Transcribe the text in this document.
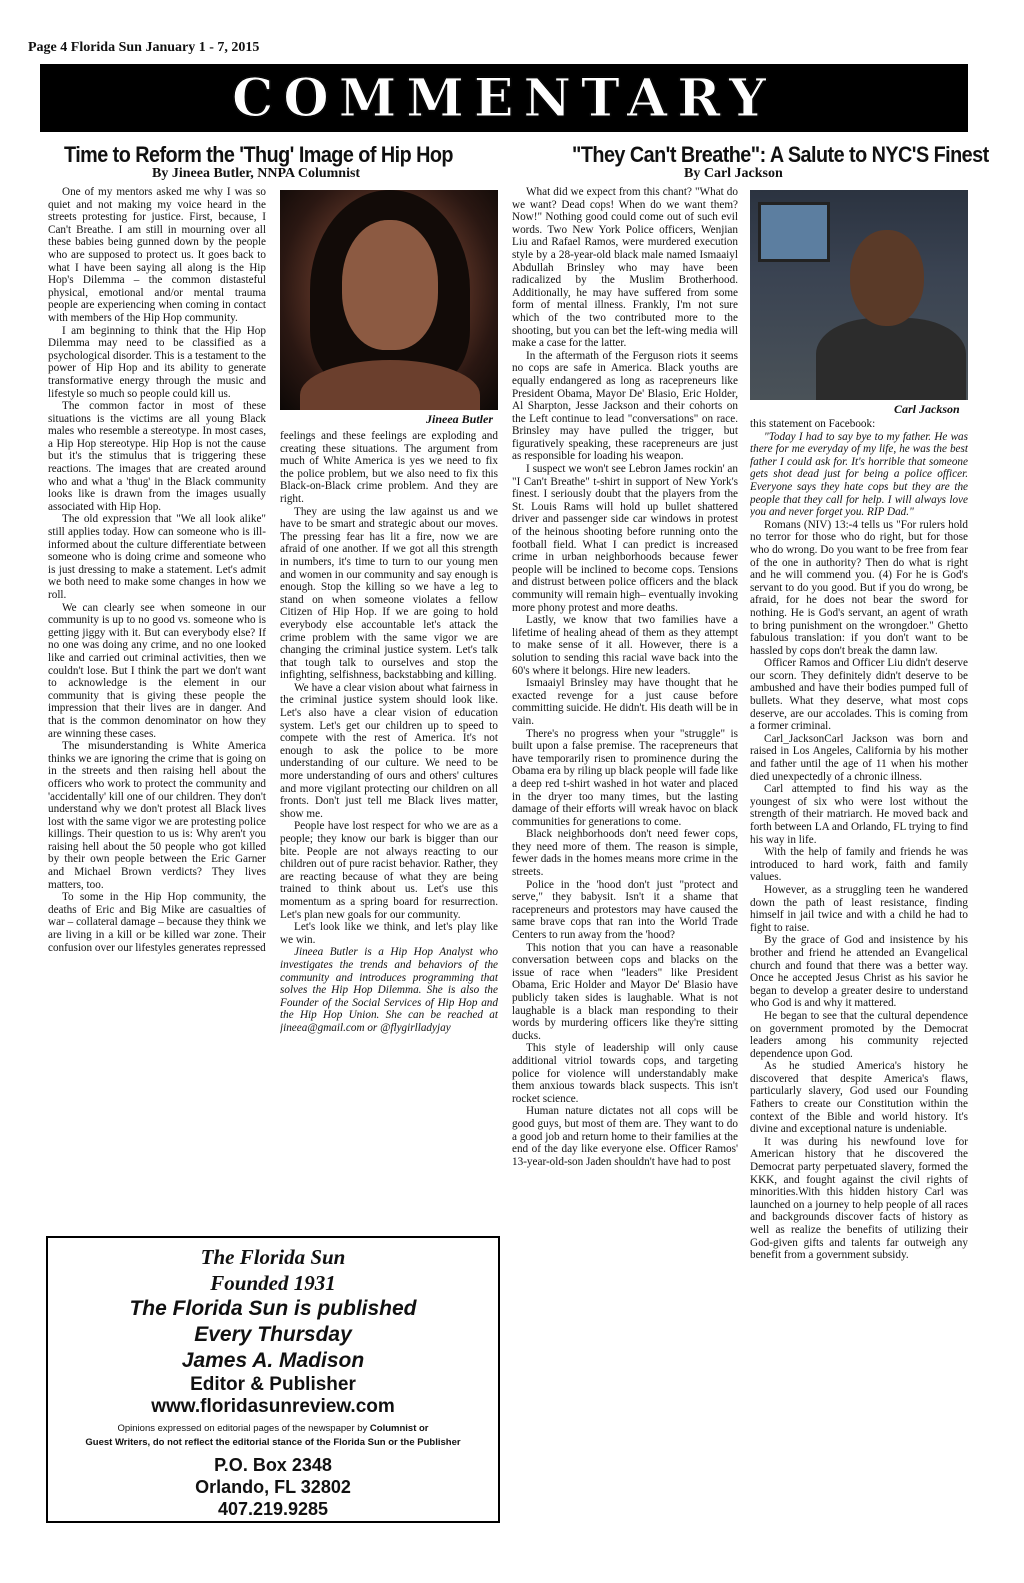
Page 4 Florida Sun January 1 - 7, 2015
COMMENTARY
Time to Reform the 'Thug' Image of Hip Hop
By Jineea Butler, NNPA Columnist

One of my mentors asked me why I was so quiet and not making my voice heard in the streets protesting for justice. First, because, I Can't Breathe. I am still in mourning over all these babies being gunned down by the people who are supposed to protect us. It goes back to what I have been saying all along is the Hip Hop's Dilemma – the common distasteful physical, emotional and/or mental trauma people are experiencing when coming in contact with members of the Hip Hop community.

I am beginning to think that the Hip Hop Dilemma may need to be classified as a psychological disorder. This is a testament to the power of Hip Hop and its ability to generate transformative energy through the music and lifestyle so much so people could kill us.

The common factor in most of these situations is the victims are all young Black males who resemble a stereotype. In most cases, a Hip Hop stereotype. Hip Hop is not the cause but it's the stimulus that is triggering these reactions. The images that are created around who and what a 'thug' in the Black community looks like is drawn from the images usually associated with Hip Hop.

The old expression that "We all look alike" still applies today. How can someone who is ill- informed about the culture differentiate between someone who is doing crime and someone who is just dressing to make a statement. Let's admit we both need to make some changes in how we roll.

We can clearly see when someone in our community is up to no good vs. someone who is getting jiggy with it. But can everybody else? If no one was doing any crime, and no one looked like and carried out criminal activities, then we couldn't lose. But I think the part we don't want to acknowledge is the element in our community that is giving these people the impression that their lives are in danger. And that is the common denominator on how they are winning these cases.

The misunderstanding is White America thinks we are ignoring the crime that is going on in the streets and then raising hell about the officers who work to protect the community and 'accidentally' kill one of our children. They don't understand why we don't protest all Black lives lost with the same vigor we are protesting police killings. Their question to us is: Why aren't you raising hell about the 50 people who got killed by their own people between the Eric Garner and Michael Brown verdicts? They lives matters, too.

To some in the Hip Hop community, the deaths of Eric and Big Mike are casualties of war – collateral damage – because they think we are living in a kill or be killed war zone. Their confusion over our lifestyles generates repressed

Jineea Butler

feelings and these feelings are exploding and creating these situations. The argument from much of White America is yes we need to fix the police problem, but we also need to fix this Black-on-Black crime problem. And they are right.

They are using the law against us and we have to be smart and strategic about our moves. The pressing fear has lit a fire, now we are afraid of one another. If we got all this strength in numbers, it's time to turn to our young men and women in our community and say enough is enough. Stop the killing so we have a leg to stand on when someone violates a fellow Citizen of Hip Hop. If we are going to hold everybody else accountable let's attack the crime problem with the same vigor we are changing the criminal justice system. Let's talk that tough talk to ourselves and stop the infighting, selfishness, backstabbing and killing.

We have a clear vision about what fairness in the criminal justice system should look like. Let's also have a clear vision of education system. Let's get our children up to speed to compete with the rest of America. It's not enough to ask the police to be more understanding of our culture. We need to be more understanding of ours and others' cultures and more vigilant protecting our children on all fronts. Don't just tell me Black lives matter, show me.

People have lost respect for who we are as a people; they know our bark is bigger than our bite. People are not always reacting to our children out of pure racist behavior. Rather, they are reacting because of what they are being trained to think about us. Let's use this momentum as a spring board for resurrection. Let's plan new goals for our community.

Let's look like we think, and let's play like we win.

Jineea Butler is a Hip Hop Analyst who investigates the trends and behaviors of the community and introduces programming that solves the Hip Hop Dilemma. She is also the Founder of the Social Services of Hip Hop and the Hip Hop Union. She can be reached at jineea@gmail.com or @flygirlladyjay

The Florida Sun
Founded 1931
The Florida Sun is published
Every Thursday
James A. Madison
Editor & Publisher
www.floridasunreview.com
Opinions expressed on editorial pages of the newspaper by Columnist or
Guest Writers, do not reflect the editorial stance of the Florida Sun or the Publisher
P.O. Box 2348
Orlando, FL 32802
407.219.9285
"They Can't Breathe": A Salute to NYC'S Finest
By Carl Jackson

What did we expect from this chant? "What do we want? Dead cops! When do we want them? Now!" Nothing good could come out of such evil words. Two New York Police officers, Wenjian Liu and Rafael Ramos, were murdered execution style by a 28-year-old black male named Ismaaiyl Abdullah Brinsley who may have been radicalized by the Muslim Brotherhood. Additionally, he may have suffered from some form of mental illness. Frankly, I'm not sure which of the two contributed more to the shooting, but you can bet the left-wing media will make a case for the latter.

In the aftermath of the Ferguson riots it seems no cops are safe in America. Black youths are equally endangered as long as racepreneurs like President Obama, Mayor De' Blasio, Eric Holder, Al Sharpton, Jesse Jackson and their cohorts on the Left continue to lead "conversations" on race. Brinsley may have pulled the trigger, but figuratively speaking, these racepreneurs are just as responsible for loading his weapon.

I suspect we won't see Lebron James rockin' an "I Can't Breathe" t-shirt in support of New York's finest. I seriously doubt that the players from the St. Louis Rams will hold up bullet shattered driver and passenger side car windows in protest of the heinous shooting before running onto the football field. What I can predict is increased crime in urban neighborhoods because fewer people will be inclined to become cops. Tensions and distrust between police officers and the black community will remain high– eventually invoking more phony protest and more deaths.

Lastly, we know that two families have a lifetime of healing ahead of them as they attempt to make sense of it all. However, there is a solution to sending this racial wave back into the 60's where it belongs. Hire new leaders.

Ismaaiyl Brinsley may have thought that he exacted revenge for a just cause before committing suicide. He didn't. His death will be in vain.

There's no progress when your "struggle" is built upon a false premise. The racepreneurs that have temporarily risen to prominence during the Obama era by riling up black people will fade like a deep red t-shirt washed in hot water and placed in the dryer too many times, but the lasting damage of their efforts will wreak havoc on black communities for generations to come.

Black neighborhoods don't need fewer cops, they need more of them. The reason is simple, fewer dads in the homes means more crime in the streets.

Police in the 'hood don't just "protect and serve," they babysit. Isn't it a shame that racepreneurs and protestors may have caused the same brave cops that ran into the World Trade Centers to run away from the 'hood?

This notion that you can have a reasonable conversation between cops and blacks on the issue of race when "leaders" like President Obama, Eric Holder and Mayor De' Blasio have publicly taken sides is laughable. What is not laughable is a black man responding to their words by murdering officers like they're sitting ducks.

This style of leadership will only cause additional vitriol towards cops, and targeting police for violence will understandably make them anxious towards black suspects. This isn't rocket science.

Human nature dictates not all cops will be good guys, but most of them are. They want to do a good job and return home to their families at the end of the day like everyone else. Officer Ramos' 13-year-old-son Jaden shouldn't have had to post

Carl Jackson

this statement on Facebook:

"Today I had to say bye to my father. He was there for me everyday of my life, he was the best father I could ask for. It's horrible that someone gets shot dead just for being a police officer. Everyone says they hate cops but they are the people that they call for help. I will always love you and never forget you. RIP Dad."

Romans (NIV) 13:-4 tells us "For rulers hold no terror for those who do right, but for those who do wrong. Do you want to be free from fear of the one in authority? Then do what is right and he will commend you. (4) For he is God's servant to do you good. But if you do wrong, be afraid, for he does not bear the sword for nothing. He is God's servant, an agent of wrath to bring punishment on the wrongdoer." Ghetto fabulous translation: if you don't want to be hassled by cops don't break the damn law.

Officer Ramos and Officer Liu didn't deserve our scorn. They definitely didn't deserve to be ambushed and have their bodies pumped full of bullets. What they deserve, what most cops deserve, are our accolades. This is coming from a former criminal.

Carl_JacksonCarl Jackson was born and raised in Los Angeles, California by his mother and father until the age of 11 when his mother died unexpectedly of a chronic illness.

Carl attempted to find his way as the youngest of six who were lost without the strength of their matriarch. He moved back and forth between LA and Orlando, FL trying to find his way in life.

With the help of family and friends he was introduced to hard work, faith and family values.

However, as a struggling teen he wandered down the path of least resistance, finding himself in jail twice and with a child he had to fight to raise.

By the grace of God and insistence by his brother and friend he attended an Evangelical church and found that there was a better way. Once he accepted Jesus Christ as his savior he began to develop a greater desire to understand who God is and why it mattered.

He began to see that the cultural dependence on government promoted by the Democrat leaders among his community rejected dependence upon God.

As he studied America's history he discovered that despite America's flaws, particularly slavery, God used our Founding Fathers to create our Constitution within the context of the Bible and world history. It's divine and exceptional nature is undeniable.

It was during his newfound love for American history that he discovered the Democrat party perpetuated slavery, formed the KKK, and fought against the civil rights of minorities.With this hidden history Carl was launched on a journey to help people of all races and backgrounds discover facts of history as well as realize the benefits of utilizing their God-given gifts and talents far outweigh any benefit from a government subsidy.
